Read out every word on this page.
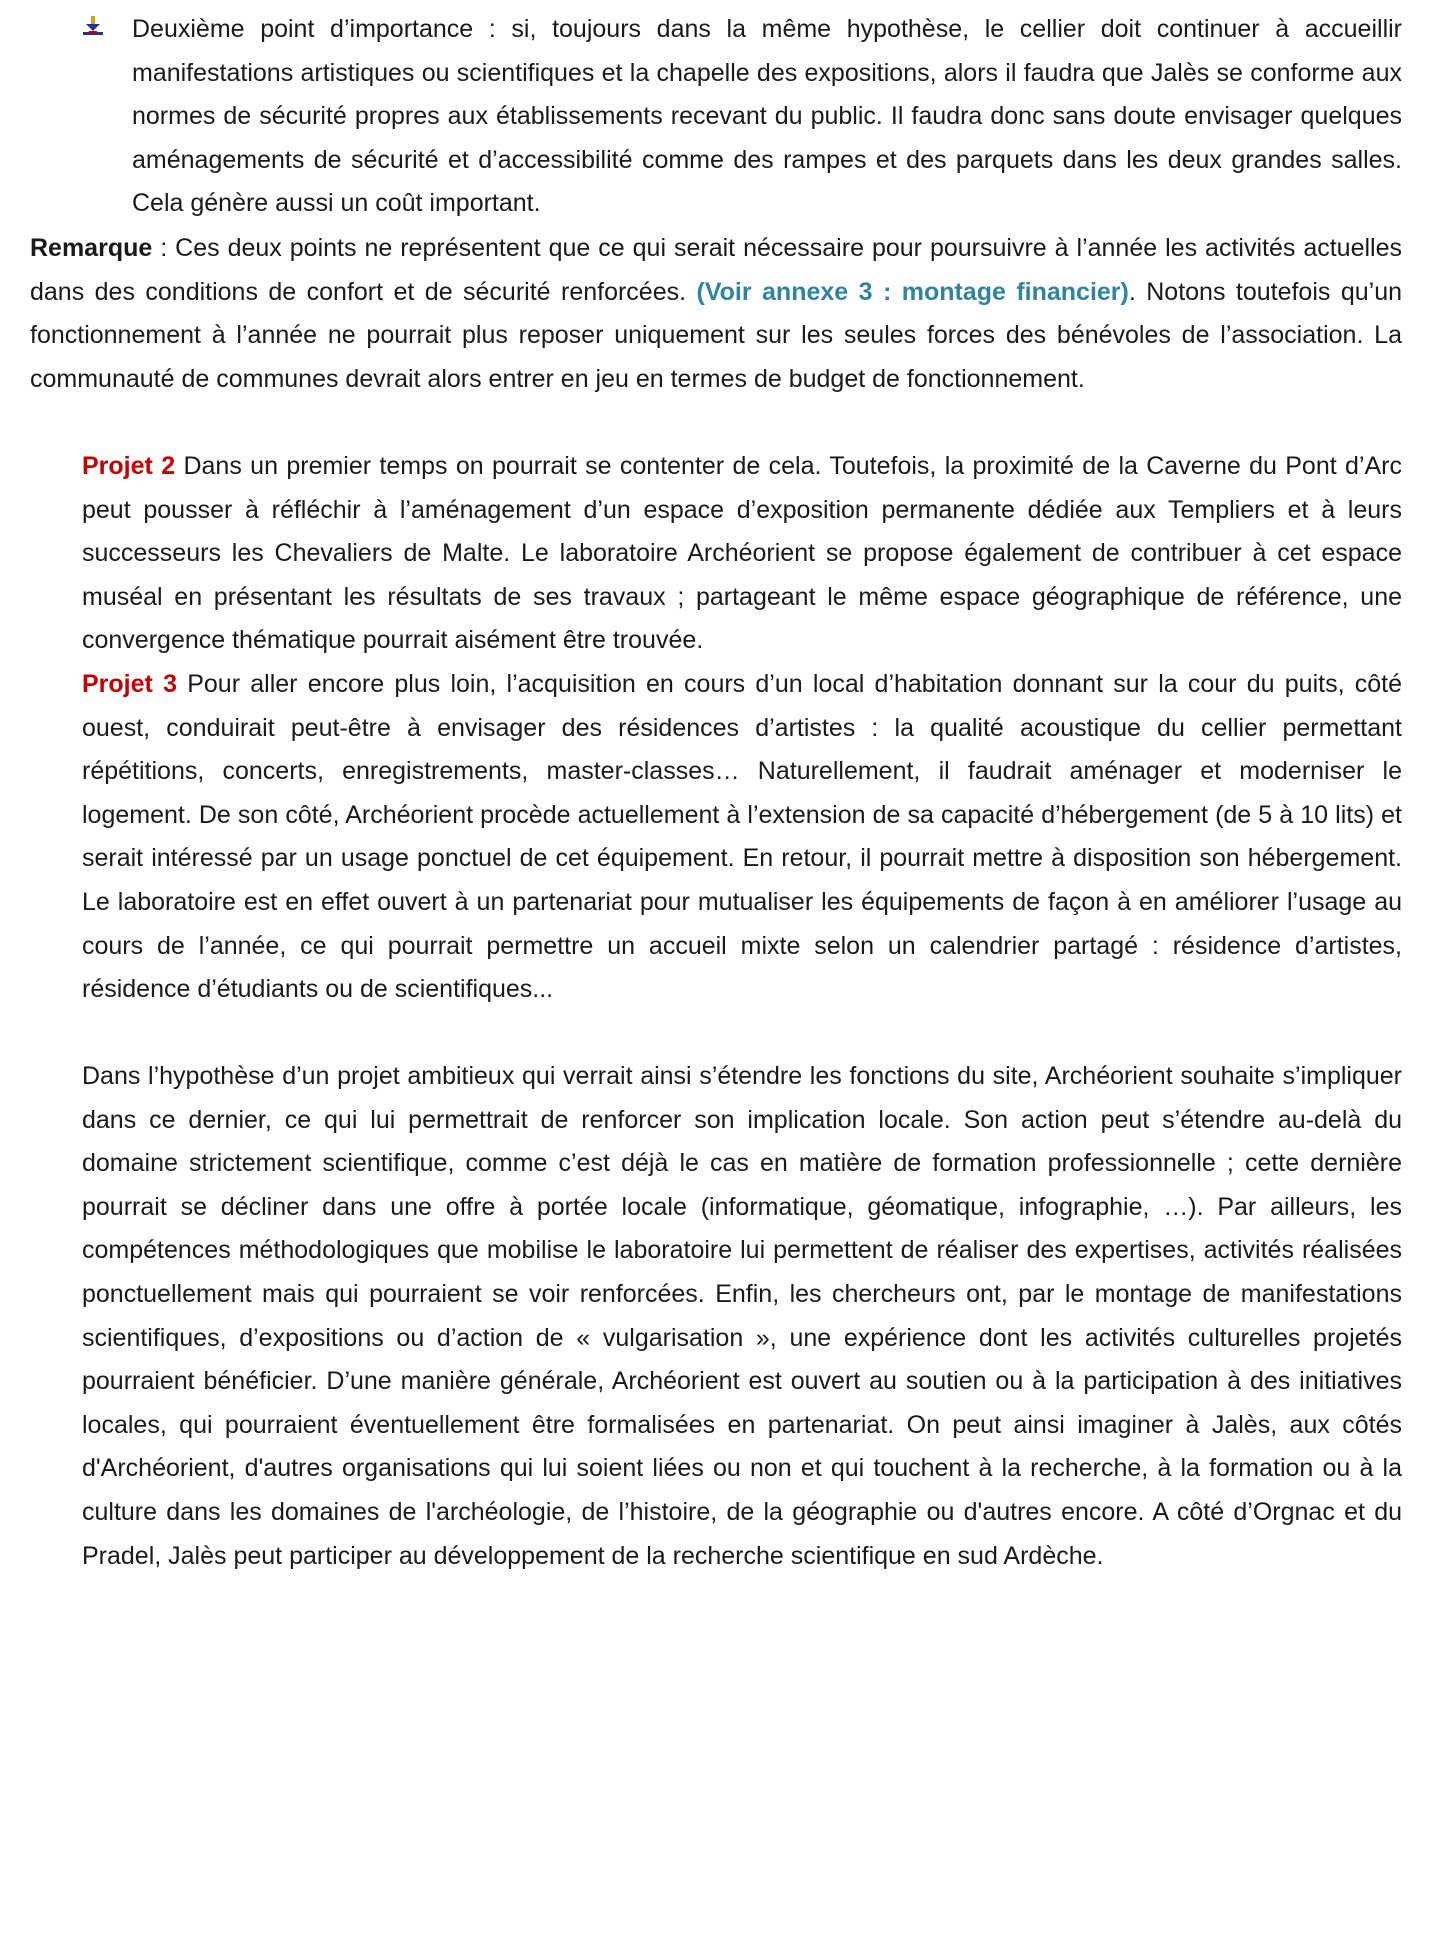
Deuxième point d’importance : si, toujours dans la même hypothèse, le cellier doit continuer à accueillir manifestations artistiques ou scientifiques et la chapelle des expositions, alors il faudra que Jalès se conforme aux normes de sécurité propres aux établissements recevant du public. Il faudra donc sans doute envisager quelques aménagements de sécurité et d’accessibilité comme des rampes et des parquets dans les deux grandes salles. Cela génère aussi un coût important.

Remarque : Ces deux points ne représentent que ce qui serait nécessaire pour poursuivre à l’année les activités actuelles dans des conditions de confort et de sécurité renforcées. (Voir annexe 3 : montage financier). Notons toutefois qu’un fonctionnement à l’année ne pourrait plus reposer uniquement sur les seules forces des bénévoles de l’association. La communauté de communes devrait alors entrer en jeu en termes de budget de fonctionnement.

Projet 2 Dans un premier temps on pourrait se contenter de cela. Toutefois, la proximité de la Caverne du Pont d’Arc peut pousser à réfléchir à l’aménagement d’un espace d’exposition permanente dédiée aux Templiers et à leurs successeurs les Chevaliers de Malte. Le laboratoire Archéorient se propose également de contribuer à cet espace muséal en présentant les résultats de ses travaux ; partageant le même espace géographique de référence, une convergence thématique pourrait aisément être trouvée.

Projet 3 Pour aller encore plus loin, l’acquisition en cours d’un local d’habitation donnant sur la cour du puits, côté ouest, conduirait peut-être à envisager des résidences d’artistes : la qualité acoustique du cellier permettant répétitions, concerts, enregistrements, master-classes… Naturellement, il faudrait aménager et moderniser le logement. De son côté, Archéorient procède actuellement à l’extension de sa capacité d’hébergement (de 5 à 10 lits) et serait intéressé par un usage ponctuel de cet équipement. En retour, il pourrait mettre à disposition son hébergement. Le laboratoire est en effet ouvert à un partenariat pour mutualiser les équipements de façon à en améliorer l’usage au cours de l’année, ce qui pourrait permettre un accueil mixte selon un calendrier partagé : résidence d’artistes, résidence d’étudiants ou de scientifiques...

Dans l’hypothèse d’un projet ambitieux qui verrait ainsi s’étendre les fonctions du site, Archéorient souhaite s’impliquer dans ce dernier, ce qui lui permettrait de renforcer son implication locale. Son action peut s’étendre au-delà du domaine strictement scientifique, comme c’est déjà le cas en matière de formation professionnelle ; cette dernière pourrait se décliner dans une offre à portée locale (informatique, géomatique, infographie, …). Par ailleurs, les compétences méthodologiques que mobilise le laboratoire lui permettent de réaliser des expertises, activités réalisées ponctuellement mais qui pourraient se voir renforcées. Enfin, les chercheurs ont, par le montage de manifestations scientifiques, d’expositions ou d’action de « vulgarisation », une expérience dont les activités culturelles projetés pourraient bénéficier. D’une manière générale, Archéorient est ouvert au soutien ou à la participation à des initiatives locales, qui pourraient éventuellement être formalisées en partenariat. On peut ainsi imaginer à Jalès, aux côtés d'Archéorient, d'autres organisations qui lui soient liées ou non et qui touchent à la recherche, à la formation ou à la culture dans les domaines de l'archéologie, de l’histoire, de la géographie ou d'autres encore. A côté d’Orgnac et du Pradel, Jalès peut participer au développement de la recherche scientifique en sud Ardèche.
